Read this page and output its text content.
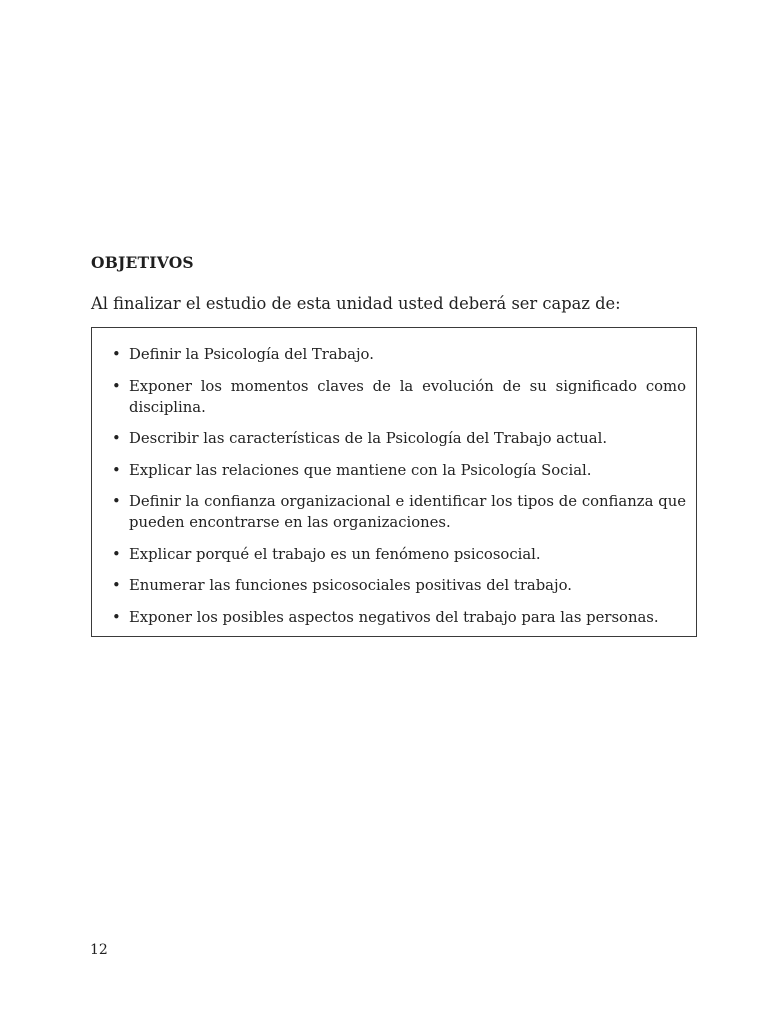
OBJETIVOS

Al finalizar el estudio de esta unidad usted deberá ser capaz de:

• Definir la Psicología del Trabajo.
• Exponer los momentos claves de la evolución de su significado como disciplina.
• Describir las características de la Psicología del Trabajo actual.
• Explicar las relaciones que mantiene con la Psicología Social.
• Definir la confianza organizacional e identificar los tipos de confianza que pueden encontrarse en las organizaciones.
• Explicar porqué el trabajo es un fenómeno psicosocial.
• Enumerar las funciones psicosociales positivas del trabajo.
• Exponer los posibles aspectos negativos del trabajo para las personas.

12
